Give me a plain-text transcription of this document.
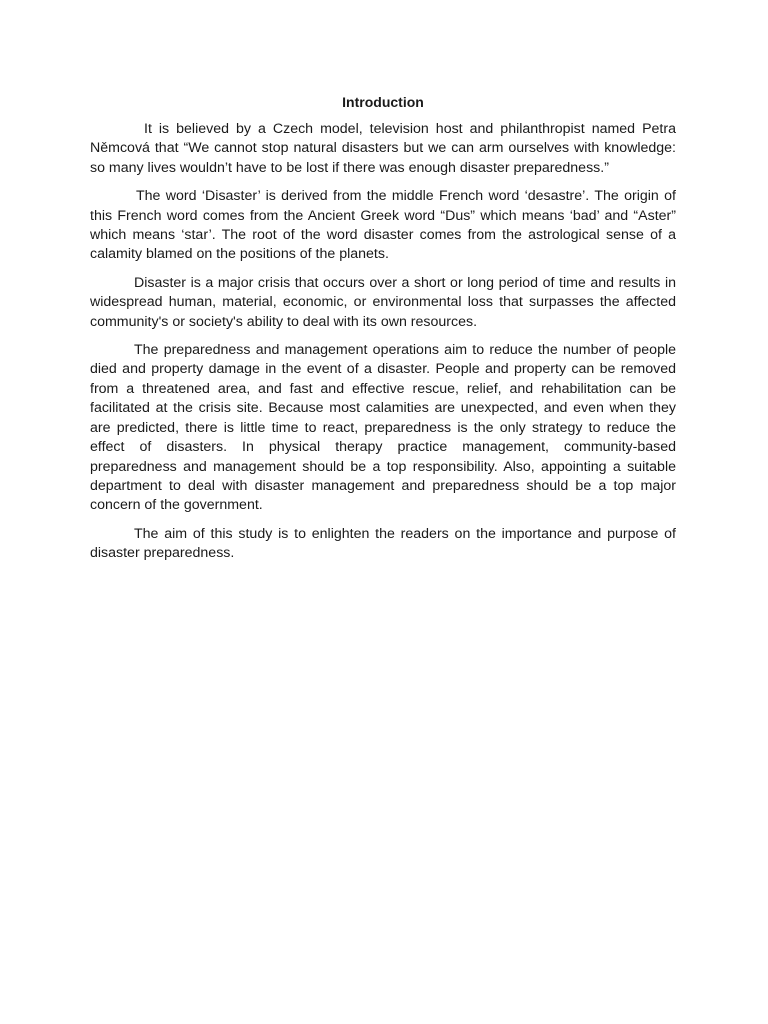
Introduction

It is believed by a Czech model, television host and philanthropist named Petra Němcová that “We cannot stop natural disasters but we can arm ourselves with knowledge: so many lives wouldn’t have to be lost if there was enough disaster preparedness.”

The word ‘Disaster’ is derived from the middle French word ‘desastre’. The origin of this French word comes from the Ancient Greek word “Dus” which means ‘bad’ and “Aster” which means ‘star’. The root of the word disaster comes from the astrological sense of a calamity blamed on the positions of the planets.

Disaster is a major crisis that occurs over a short or long period of time and results in widespread human, material, economic, or environmental loss that surpasses the affected community's or society's ability to deal with its own resources.

The preparedness and management operations aim to reduce the number of people died and property damage in the event of a disaster. People and property can be removed from a threatened area, and fast and effective rescue, relief, and rehabilitation can be facilitated at the crisis site. Because most calamities are unexpected, and even when they are predicted, there is little time to react, preparedness is the only strategy to reduce the effect of disasters. In physical therapy practice management, community-based preparedness and management should be a top responsibility. Also, appointing a suitable department to deal with disaster management and preparedness should be a top major concern of the government.

The aim of this study is to enlighten the readers on the importance and purpose of disaster preparedness.
